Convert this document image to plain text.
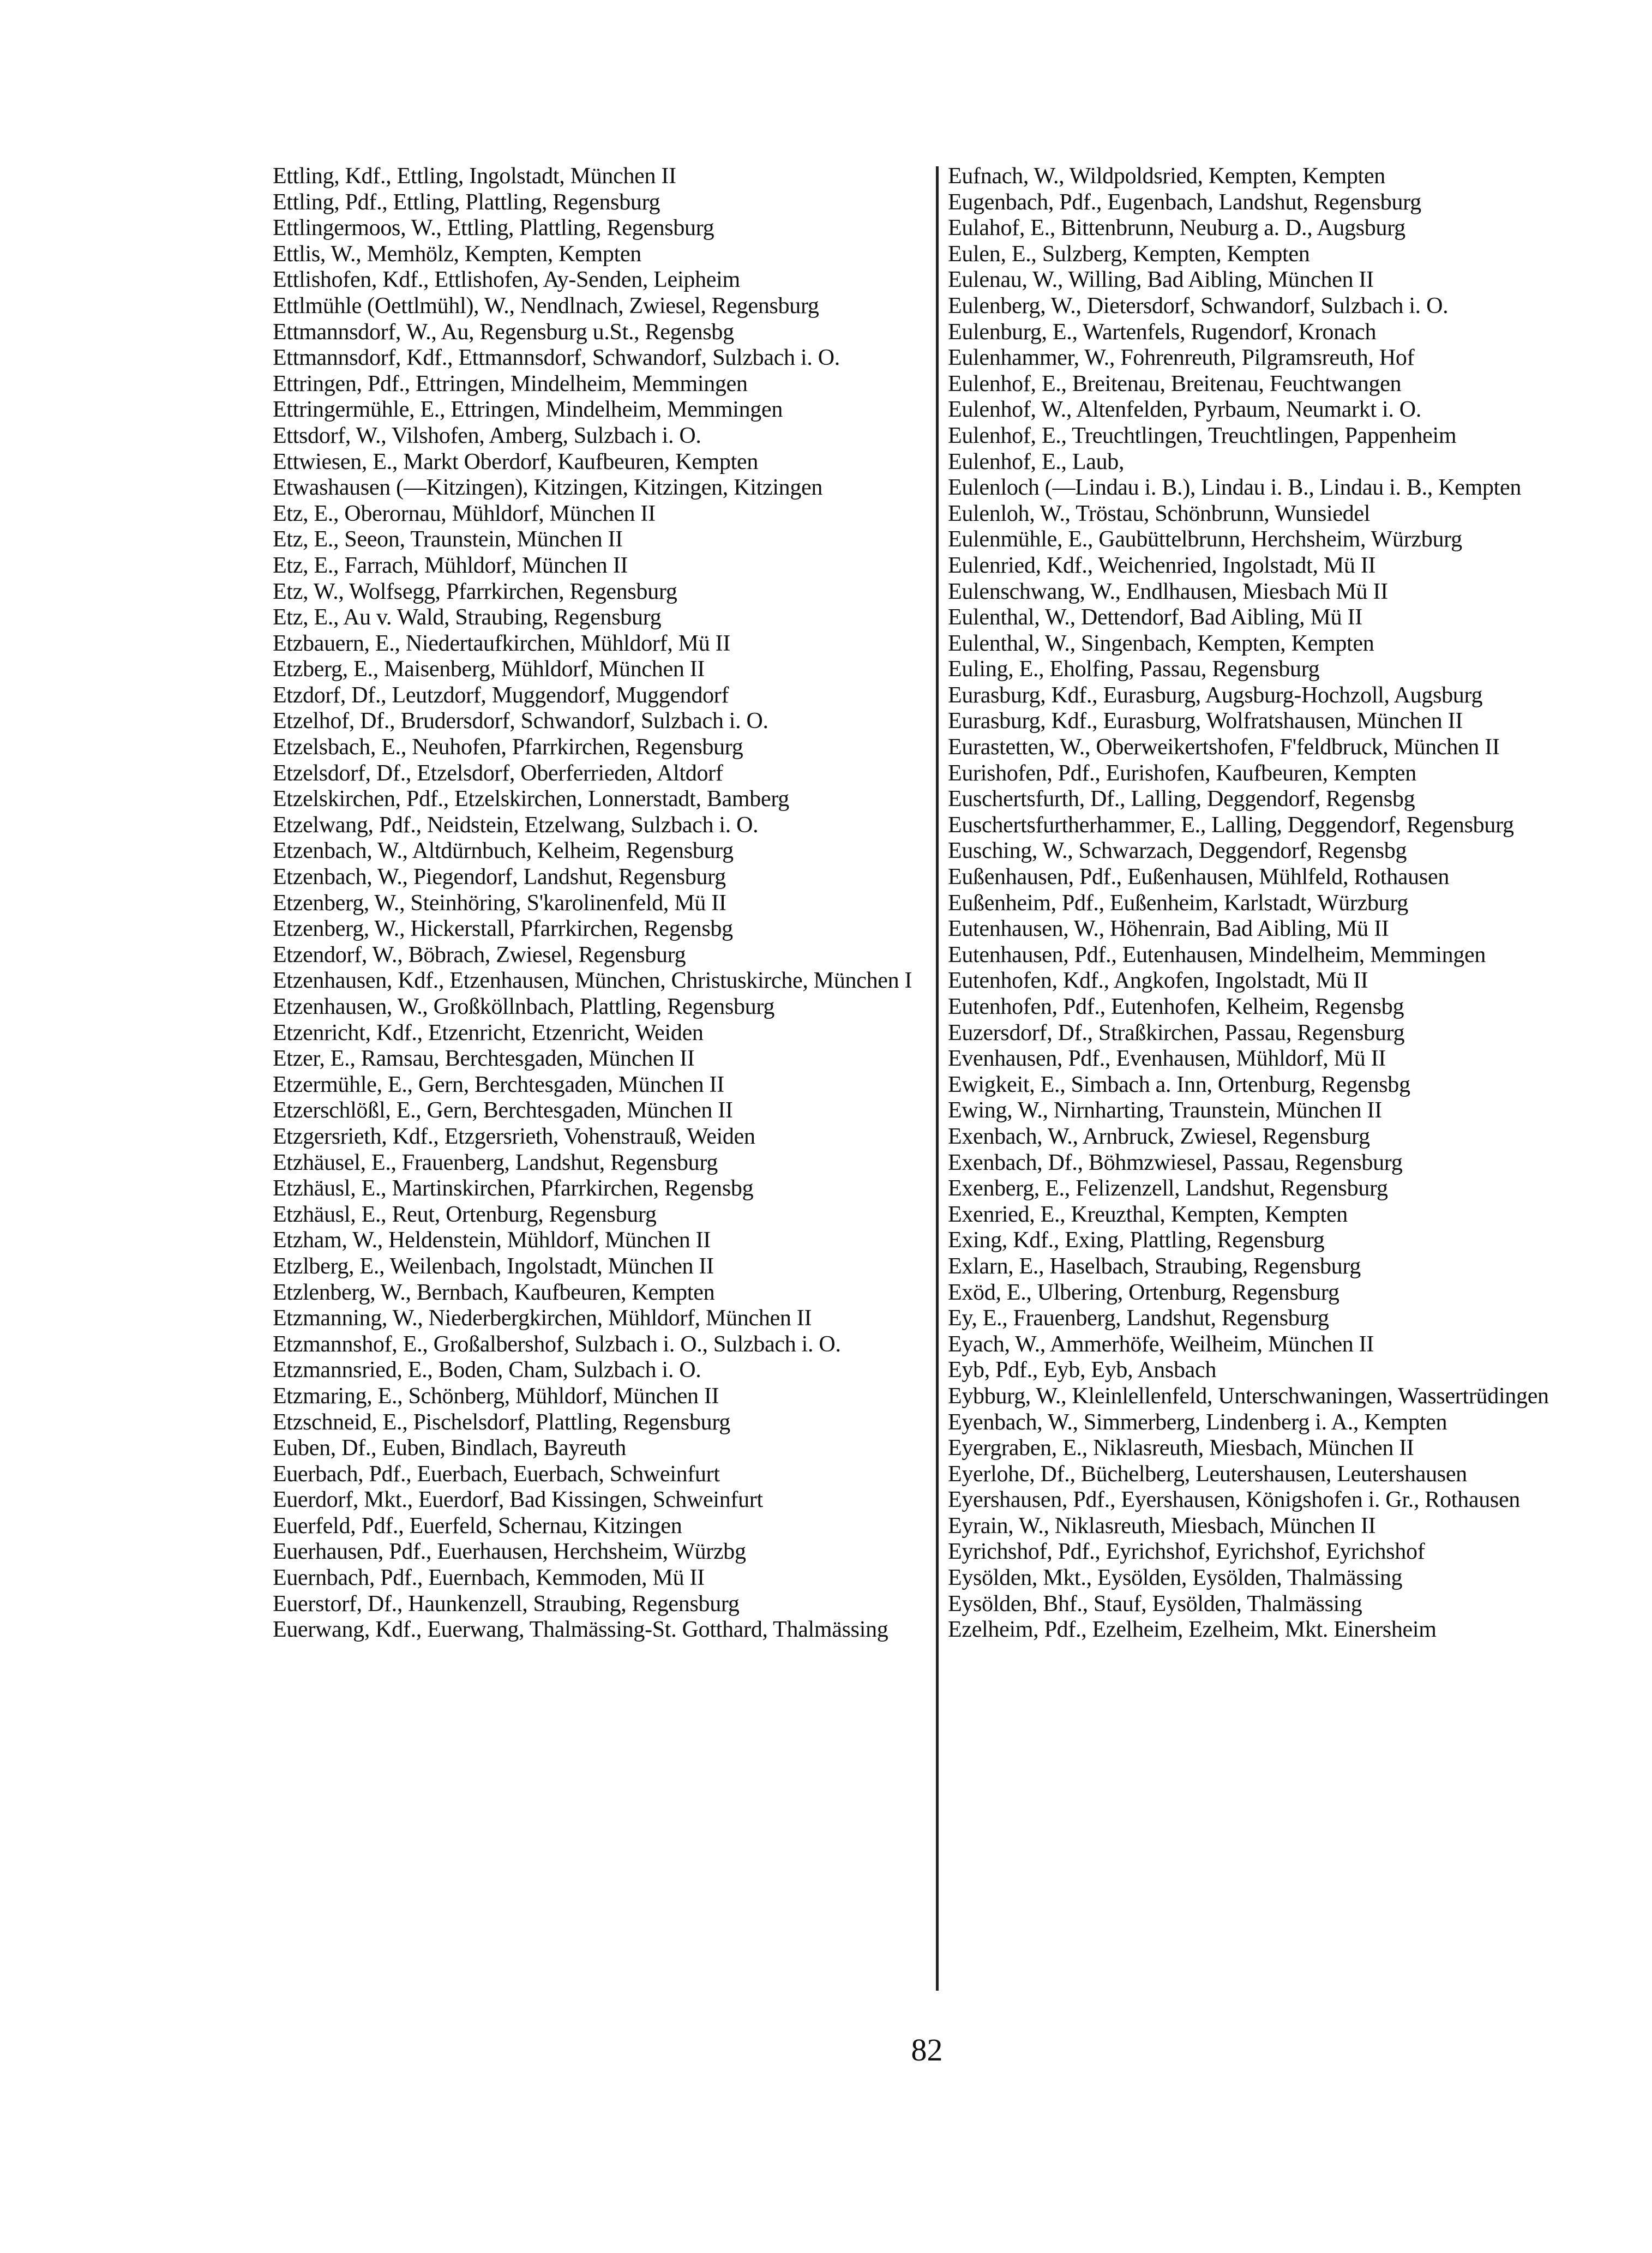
Ettling, Kdf., Ettling, Ingolstadt, München II
Ettling, Pdf., Ettling, Plattling, Regensburg
Ettlingermoos, W., Ettling, Plattling, Regensburg
Ettlis, W., Memhölz, Kempten, Kempten
Ettlishofen, Kdf., Ettlishofen, Ay-Senden, Leipheim
Ettlmühle (Oettlmühl), W., Nendlnach, Zwiesel, Regensburg
Ettmannsdorf, W., Au, Regensburg u.St., Regensbg
Ettmannsdorf, Kdf., Ettmannsdorf, Schwandorf, Sulzbach i. O.
Ettringen, Pdf., Ettringen, Mindelheim, Memmingen
Ettringermühle, E., Ettringen, Mindelheim, Memmingen
Ettsdorf, W., Vilshofen, Amberg, Sulzbach i. O.
Ettwiesen, E., Markt Oberdorf, Kaufbeuren, Kempten
Etwashausen (—Kitzingen), Kitzingen, Kitzingen, Kitzingen
Etz, E., Oberornau, Mühldorf, München II
Etz, E., Seeon, Traunstein, München II
Etz, E., Farrach, Mühldorf, München II
Etz, W., Wolfsegg, Pfarrkirchen, Regensburg
Etz, E., Au v. Wald, Straubing, Regensburg
Etzbauern, E., Niedertaufkirchen, Mühldorf, Mü II
Etzberg, E., Maisenberg, Mühldorf, München II
Etzdorf, Df., Leutzdorf, Muggendorf, Muggendorf
Etzelhof, Df., Brudersdorf, Schwandorf, Sulzbach i. O.
Etzelsbach, E., Neuhofen, Pfarrkirchen, Regensburg
Etzelsdorf, Df., Etzelsdorf, Oberferrieden, Altdorf
Etzelskirchen, Pdf., Etzelskirchen, Lonnerstadt, Bamberg
Etzelwang, Pdf., Neidstein, Etzelwang, Sulzbach i. O.
Etzenbach, W., Altdürnbuch, Kelheim, Regensburg
Etzenbach, W., Piegendorf, Landshut, Regensburg
Etzenberg, W., Steinhöring, S'karolinenfeld, Mü II
Etzenberg, W., Hickerstall, Pfarrkirchen, Regensbg
Etzendorf, W., Böbrach, Zwiesel, Regensburg
Etzenhausen, Kdf., Etzenhausen, München, Christuskirche, München I
Etzenhausen, W., Großköllnbach, Plattling, Regensburg
Etzenricht, Kdf., Etzenricht, Etzenricht, Weiden
Etzer, E., Ramsau, Berchtesgaden, München II
Etzermühle, E., Gern, Berchtesgaden, München II
Etzerschlößl, E., Gern, Berchtesgaden, München II
Etzgersrieth, Kdf., Etzgersrieth, Vohenstrauß, Weiden
Etzhäusel, E., Frauenberg, Landshut, Regensburg
Etzhäusl, E., Martinskirchen, Pfarrkirchen, Regensbg
Etzhäusl, E., Reut, Ortenburg, Regensburg
Etzham, W., Heldenstein, Mühldorf, München II
Etzlberg, E., Weilenbach, Ingolstadt, München II
Etzlenberg, W., Bernbach, Kaufbeuren, Kempten
Etzmanning, W., Niederbergkirchen, Mühldorf, München II
Etzmannshof, E., Großalbershof, Sulzbach i. O., Sulzbach i. O.
Etzmannsried, E., Boden, Cham, Sulzbach i. O.
Etzmaring, E., Schönberg, Mühldorf, München II
Etzschneid, E., Pischelsdorf, Plattling, Regensburg
Euben, Df., Euben, Bindlach, Bayreuth
Euerbach, Pdf., Euerbach, Euerbach, Schweinfurt
Euerdorf, Mkt., Euerdorf, Bad Kissingen, Schweinfurt
Euerfeld, Pdf., Euerfeld, Schernau, Kitzingen
Euerhausen, Pdf., Euerhausen, Herchsheim, Würzbg
Euernbach, Pdf., Euernbach, Kemmoden, Mü II
Euerstorf, Df., Haunkenzell, Straubing, Regensburg
Euerwang, Kdf., Euerwang, Thalmässing-St. Gotthard, Thalmässing
Eufnach, W., Wildpoldsried, Kempten, Kempten
Eugenbach, Pdf., Eugenbach, Landshut, Regensburg
Eulahof, E., Bittenbrunn, Neuburg a. D., Augsburg
Eulen, E., Sulzberg, Kempten, Kempten
Eulenau, W., Willing, Bad Aibling, München II
Eulenberg, W., Dietersdorf, Schwandorf, Sulzbach i. O.
Eulenburg, E., Wartenfels, Rugendorf, Kronach
Eulenhammer, W., Fohrenreuth, Pilgramsreuth, Hof
Eulenhof, E., Breitenau, Breitenau, Feuchtwangen
Eulenhof, W., Altenfelden, Pyrbaum, Neumarkt i. O.
Eulenhof, E., Treuchtlingen, Treuchtlingen, Pappenheim
Eulenhof, E., Laub,
Eulenloch (—Lindau i. B.), Lindau i. B., Lindau i. B., Kempten
Eulenloh, W., Tröstau, Schönbrunn, Wunsiedel
Eulenmühle, E., Gaubüttelbrunn, Herchsheim, Würzburg
Eulenried, Kdf., Weichenried, Ingolstadt, Mü II
Eulenschwang, W., Endlhausen, Miesbach Mü II
Eulenthal, W., Dettendorf, Bad Aibling, Mü II
Eulenthal, W., Singenbach, Kempten, Kempten
Euling, E., Eholfing, Passau, Regensburg
Eurasburg, Kdf., Eurasburg, Augsburg-Hochzoll, Augsburg
Eurasburg, Kdf., Eurasburg, Wolfratshausen, München II
Eurastetten, W., Oberweikertshofen, F'feldbruck, München II
Eurishofen, Pdf., Eurishofen, Kaufbeuren, Kempten
Euschertsfurth, Df., Lalling, Deggendorf, Regensbg
Euschertsfurtherhammer, E., Lalling, Deggendorf, Regensburg
Eusching, W., Schwarzach, Deggendorf, Regensbg
Eußenhausen, Pdf., Eußenhausen, Mühlfeld, Rothausen
Eußenheim, Pdf., Eußenheim, Karlstadt, Würzburg
Eutenhausen, W., Höhenrain, Bad Aibling, Mü II
Eutenhausen, Pdf., Eutenhausen, Mindelheim, Memmingen
Eutenhofen, Kdf., Angkofen, Ingolstadt, Mü II
Eutenhofen, Pdf., Eutenhofen, Kelheim, Regensbg
Euzersdorf, Df., Straßkirchen, Passau, Regensburg
Evenhausen, Pdf., Evenhausen, Mühldorf, Mü II
Ewigkeit, E., Simbach a. Inn, Ortenburg, Regensbg
Ewing, W., Nirnharting, Traunstein, München II
Exenbach, W., Arnbruck, Zwiesel, Regensburg
Exenbach, Df., Böhmzwiesel, Passau, Regensburg
Exenberg, E., Felizenzell, Landshut, Regensburg
Exenried, E., Kreuzthal, Kempten, Kempten
Exing, Kdf., Exing, Plattling, Regensburg
Exlarn, E., Haselbach, Straubing, Regensburg
Exöd, E., Ulbering, Ortenburg, Regensburg
Ey, E., Frauenberg, Landshut, Regensburg
Eyach, W., Ammerhöfe, Weilheim, München II
Eyb, Pdf., Eyb, Eyb, Ansbach
Eybburg, W., Kleinlellenfeld, Unterschwaningen, Wassertrüdingen
Eyenbach, W., Simmerberg, Lindenberg i. A., Kempten
Eyergraben, E., Niklasreuth, Miesbach, München II
Eyerlohe, Df., Büchelberg, Leutershausen, Leutershausen
Eyershausen, Pdf., Eyershausen, Königshofen i. Gr., Rothausen
Eyrain, W., Niklasreuth, Miesbach, München II
Eyrichshof, Pdf., Eyrichshof, Eyrichshof, Eyrichshof
Eysölden, Mkt., Eysölden, Eysölden, Thalmässing
Eysölden, Bhf., Stauf, Eysölden, Thalmässing
Ezelheim, Pdf., Ezelheim, Ezelheim, Mkt. Einersheim
82
